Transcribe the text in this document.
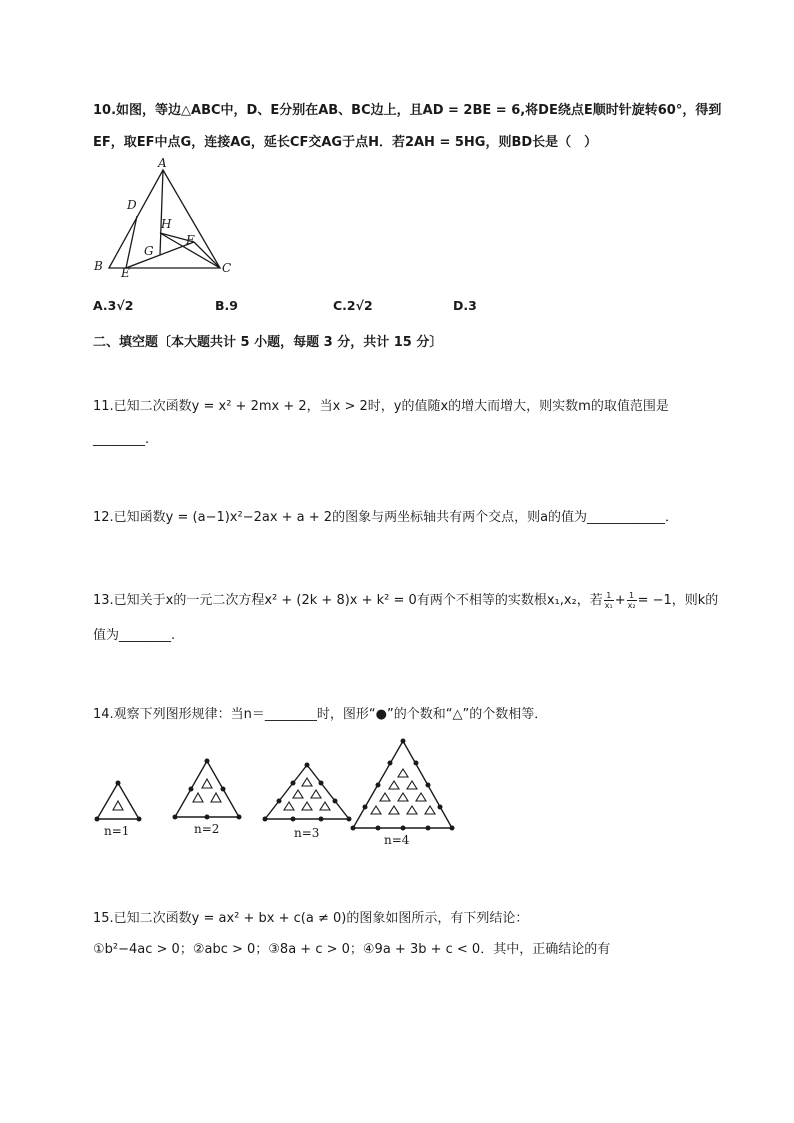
10.如图，等边△ABC中，D、E分别在AB、BC边上，且AD = 2BE = 6,将DE绕点E顺时针旋转60°，得到
EF，取EF中点G，连接AG，延长CF交AG于点H．若2AH = 5HG，则BD长是（　）
A
D
H
F
G
B E	C
A.3√2	B.9	C.2√2	D.3
二、填空题〔本大题共计 5 小题，每题 3 分，共计 15 分〕
11.已知二次函数y = x² + 2mx + 2，当x > 2时，y的值随x的增大而增大，则实数m的取值范围是
________.
12.已知函数y = (a−1)x²−2ax + a + 2的图象与两坐标轴共有两个交点，则a的值为____________．
13.已知关于x的一元二次方程x² + (2k + 8)x + k² = 0有两个不相等的实数根x₁,x₂，若 $\frac{1}{\text{x₁}} + \frac{1}{\text{x₂}} = -1$，则k的
值为________.
14.观察下列图形规律：当n＝________时，图形“●”的个数和“△”的个数相等．
n=1	n=2	n=3	n=4
15.已知二次函数y = ax² + bx + c(a ≠ 0)的图象如图所示，有下列结论：
①b²−4ac > 0；②abc > 0；③8a + c > 0；④9a + 3b + c < 0．其中，正确结论的有
